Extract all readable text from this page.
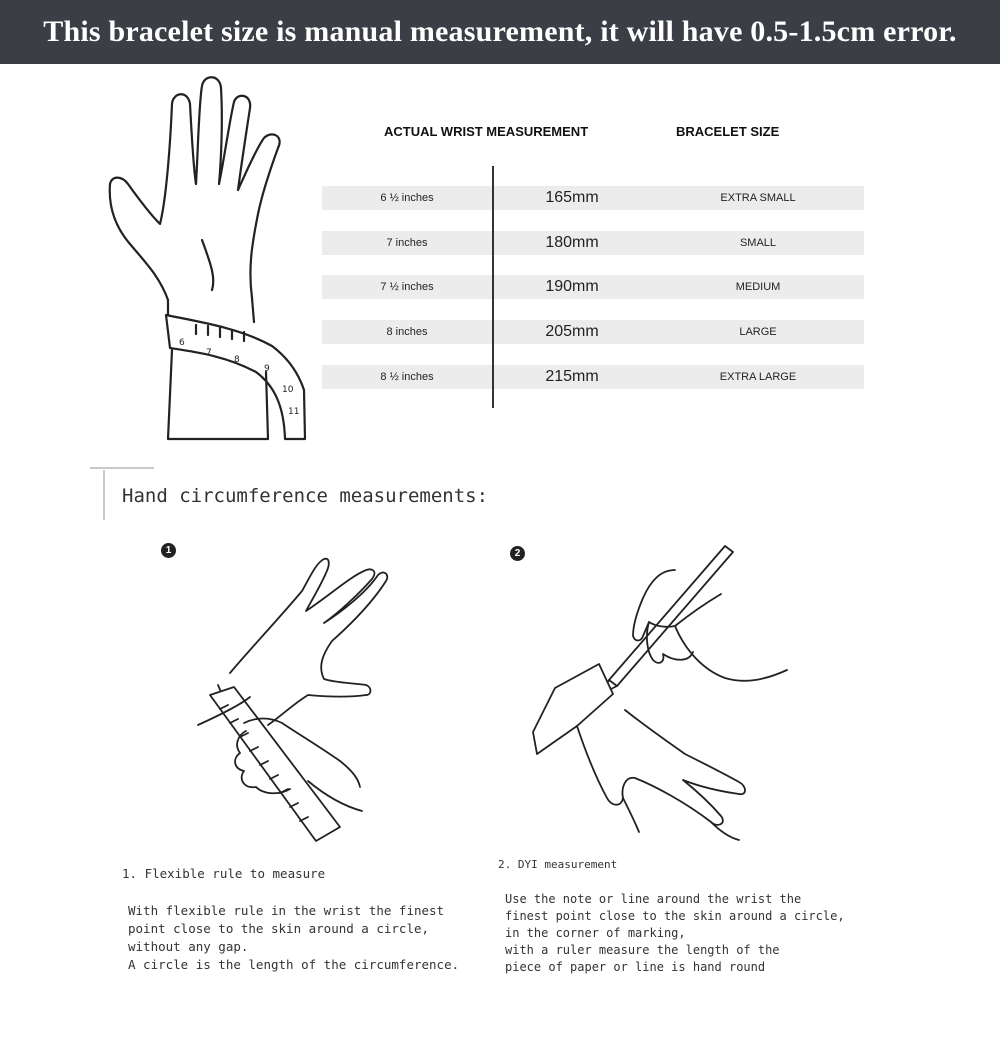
This bracelet size is manual measurement, it will have 0.5-1.5cm error.
6
7
8
9
10
11
ACTUAL WRIST MEASUREMENT	BRACELET SIZE
6 ½ inches	165mm	EXTRA SMALL
7 inches	180mm	SMALL
7 ½ inches	190mm	MEDIUM
8 inches	205mm	LARGE
8 ½ inches	215mm	EXTRA LARGE
Hand circumference measurements:
1
1. Flexible rule to measure
With flexible rule in the wrist the finest
point close to the skin around a circle,
without any gap.
A circle is the length of the circumference.
2
2. DYI measurement
Use the note or line around the wrist the
finest point close to the skin around a circle,
in the corner of marking,
with a ruler measure the length of the
piece of paper or line is hand round
